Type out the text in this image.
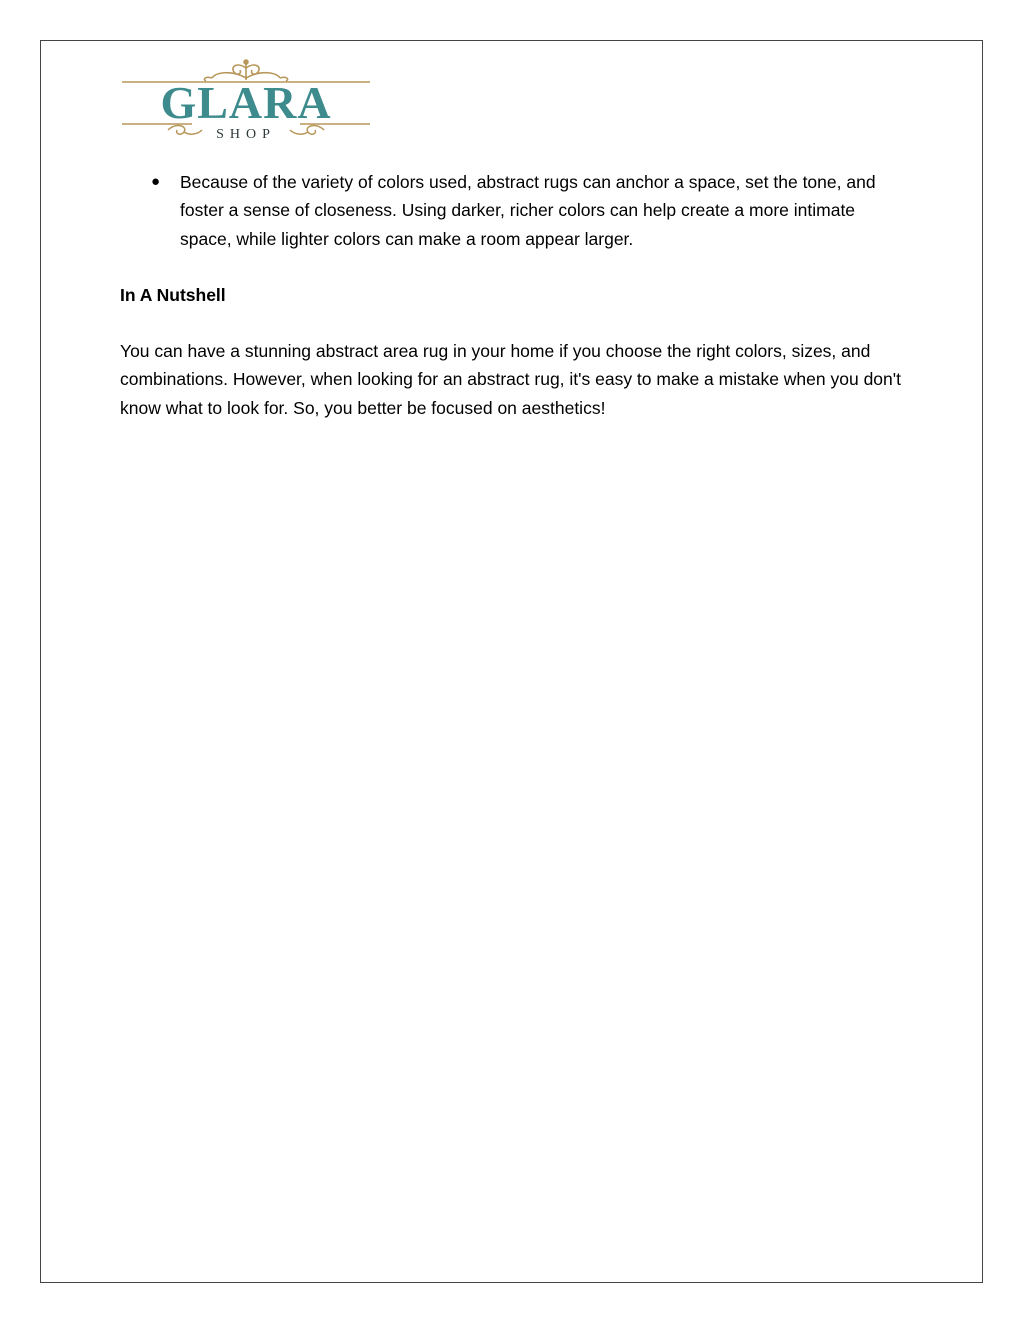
GLARA
SHOP
● Because of the variety of colors used, abstract rugs can anchor a space, set the tone, and foster a sense of closeness. Using darker, richer colors can help create a more intimate space, while lighter colors can make a room appear larger.
In A Nutshell

You can have a stunning abstract area rug in your home if you choose the right colors, sizes, and combinations. However, when looking for an abstract rug, it's easy to make a mistake when you don't know what to look for. So, you better be focused on aesthetics!
